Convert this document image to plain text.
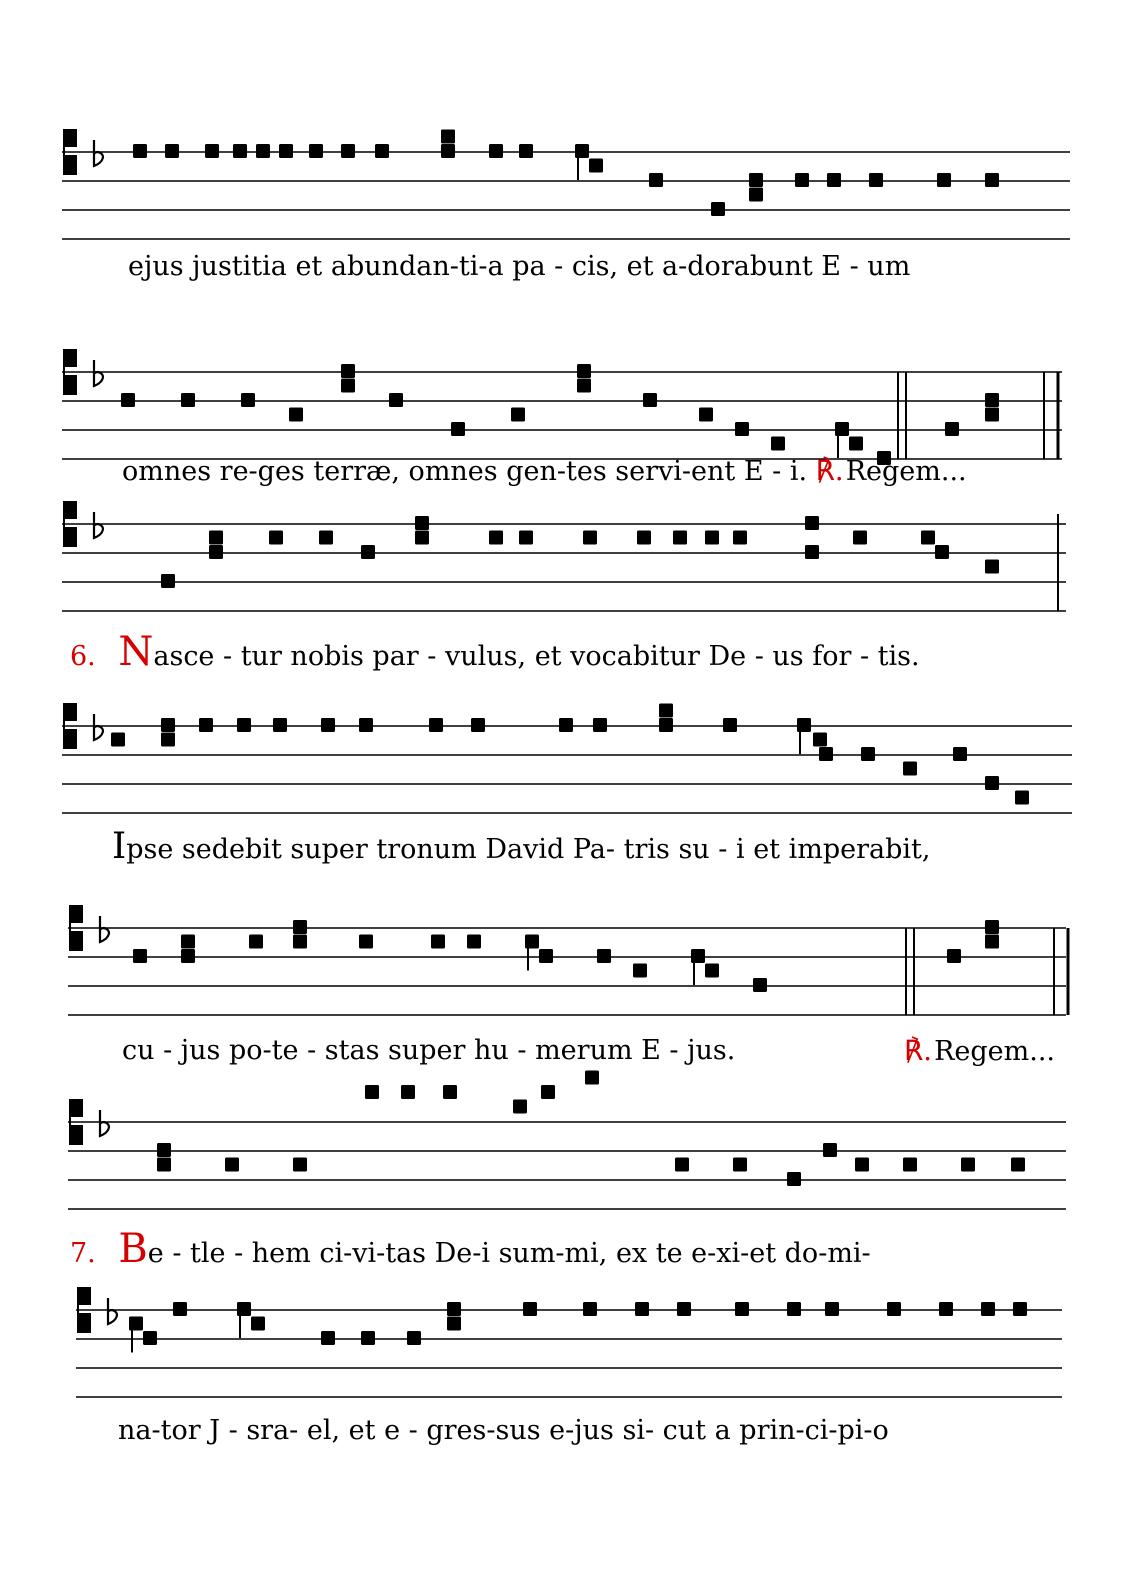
ejus justitia et abundan-ti-a pa - cis, et a-dorabunt E - um
omnes re-ges terræ, omnes gen-tes servi-ent E - i. ℟.Regem...
6. Nasce - tur nobis par - vulus, et vocabitur De - us for - tis.
Ipse sedebit super tronum David Pa- tris su - i et imperabit,
cu - jus po-te - stas super hu - merum E - jus.	℟.Regem...
7. Be - tle - hem ci-vi-tas De-i sum-mi, ex te e-xi-et do-mi-
na-tor J - sra- el, et e - gres-sus e-jus si- cut a prin-ci-pi-o
